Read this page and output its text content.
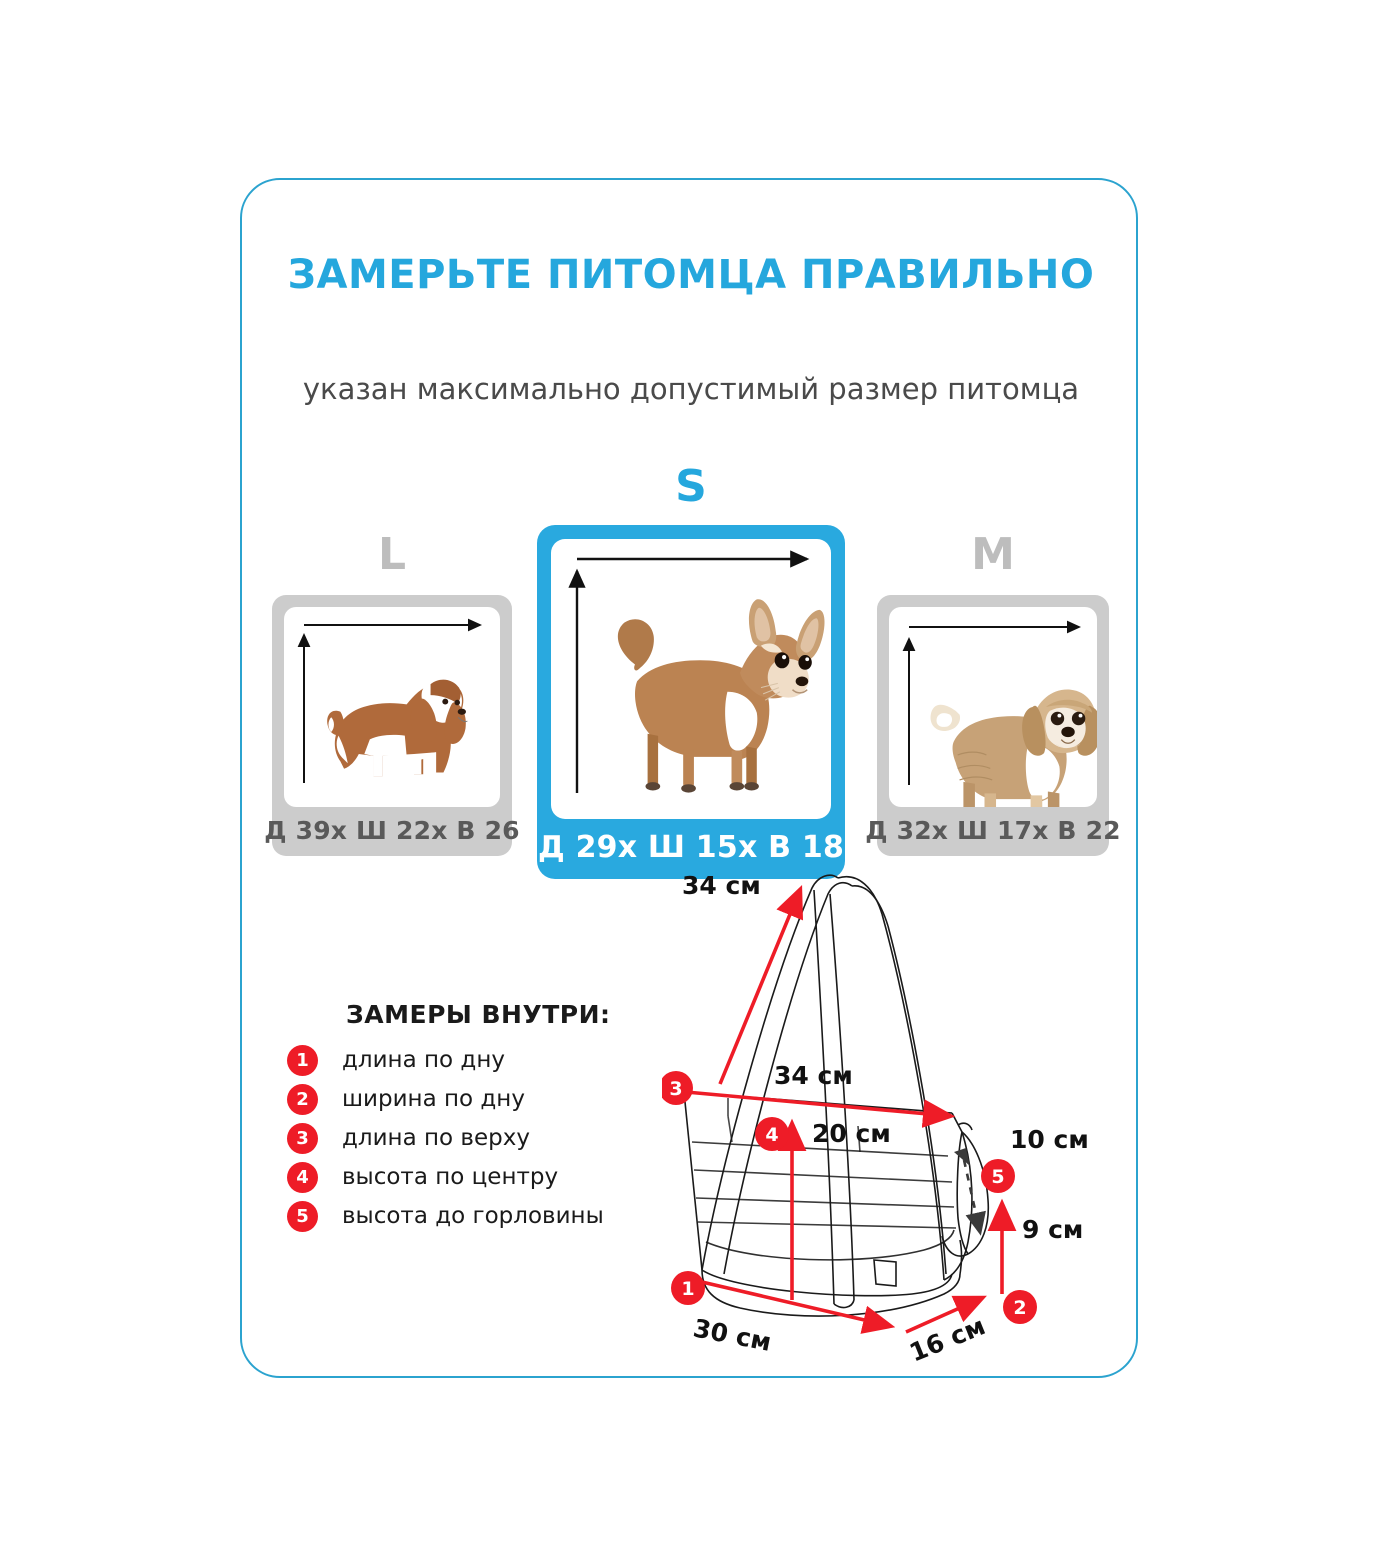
ЗАМЕРЬТЕ ПИТОМЦА ПРАВИЛЬНО
указан максимально допустимый размер питомца
L
Д 39х Ш 22х В 26
S
Д 29х Ш 15х В 18
M
Д 32х Ш 17х В 22
ЗАМЕРЫ ВНУТРИ:
1	длина по дну
2	ширина по дну
3	длина по верху
4	высота по центру
5	высота до горловины
34 см
34 см
20 см	10 см
30 см	16 см
9 см
3
4
5
1
2
